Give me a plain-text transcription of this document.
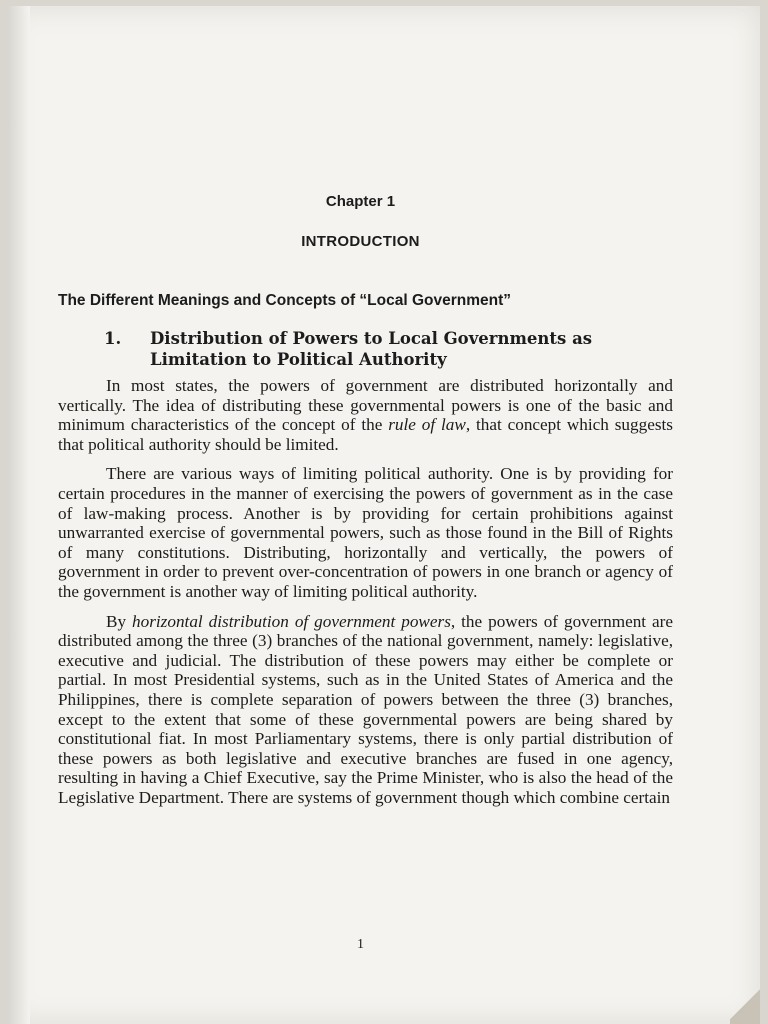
Chapter 1
INTRODUCTION
The Different Meanings and Concepts of “Local Government”
1. Distribution of Powers to Local Governments as Limitation to Political Authority

In most states, the powers of government are distributed horizontally and vertically. The idea of distributing these governmental powers is one of the basic and minimum characteristics of the concept of the rule of law, that concept which suggests that political authority should be limited.

There are various ways of limiting political authority. One is by providing for certain procedures in the manner of exercising the powers of government as in the case of law-making process. Another is by providing for certain prohibitions against unwarranted exercise of governmental powers, such as those found in the Bill of Rights of many constitutions. Distributing, horizontally and vertically, the powers of government in order to prevent over-concentration of powers in one branch or agency of the government is another way of limiting political authority.

By horizontal distribution of government powers, the powers of government are distributed among the three (3) branches of the national government, namely: legislative, executive and judicial. The distribution of these powers may either be complete or partial. In most Presidential systems, such as in the United States of America and the Philippines, there is complete separation of powers between the three (3) branches, except to the extent that some of these governmental powers are being shared by constitutional fiat. In most Parliamentary systems, there is only partial distribution of these powers as both legislative and executive branches are fused in one agency, resulting in having a Chief Executive, say the Prime Minister, who is also the head of the Legislative Department. There are systems of government though which combine certain

1
